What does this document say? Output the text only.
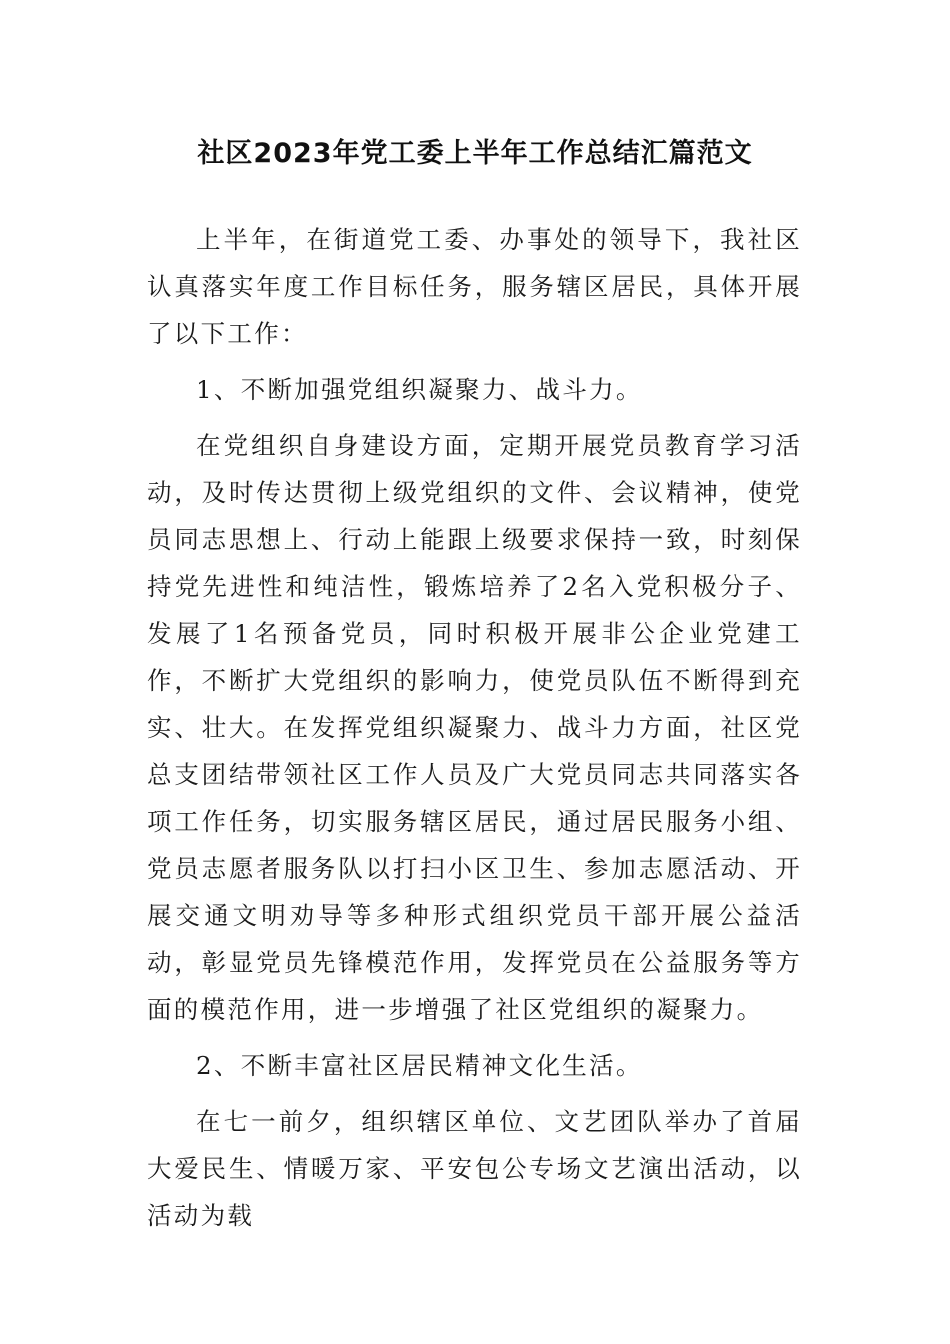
社区2023年党工委上半年工作总结汇篇范文

上半年，在街道党工委、办事处的领导下，我社区认真落实年度工作目标任务，服务辖区居民，具体开展了以下工作：

1、不断加强党组织凝聚力、战斗力。

在党组织自身建设方面，定期开展党员教育学习活动，及时传达贯彻上级党组织的文件、会议精神，使党员同志思想上、行动上能跟上级要求保持一致，时刻保持党先进性和纯洁性，锻炼培养了2名入党积极分子、发展了1名预备党员，同时积极开展非公企业党建工作，不断扩大党组织的影响力，使党员队伍不断得到充实、壮大。在发挥党组织凝聚力、战斗力方面，社区党总支团结带领社区工作人员及广大党员同志共同落实各项工作任务，切实服务辖区居民，通过居民服务小组、党员志愿者服务队以打扫小区卫生、参加志愿活动、开展交通文明劝导等多种形式组织党员干部开展公益活动，彰显党员先锋模范作用，发挥党员在公益服务等方面的模范作用，进一步增强了社区党组织的凝聚力。

2、不断丰富社区居民精神文化生活。

在七一前夕，组织辖区单位、文艺团队举办了首届大爱民生、情暖万家、平安包公专场文艺演出活动，以活动为载
